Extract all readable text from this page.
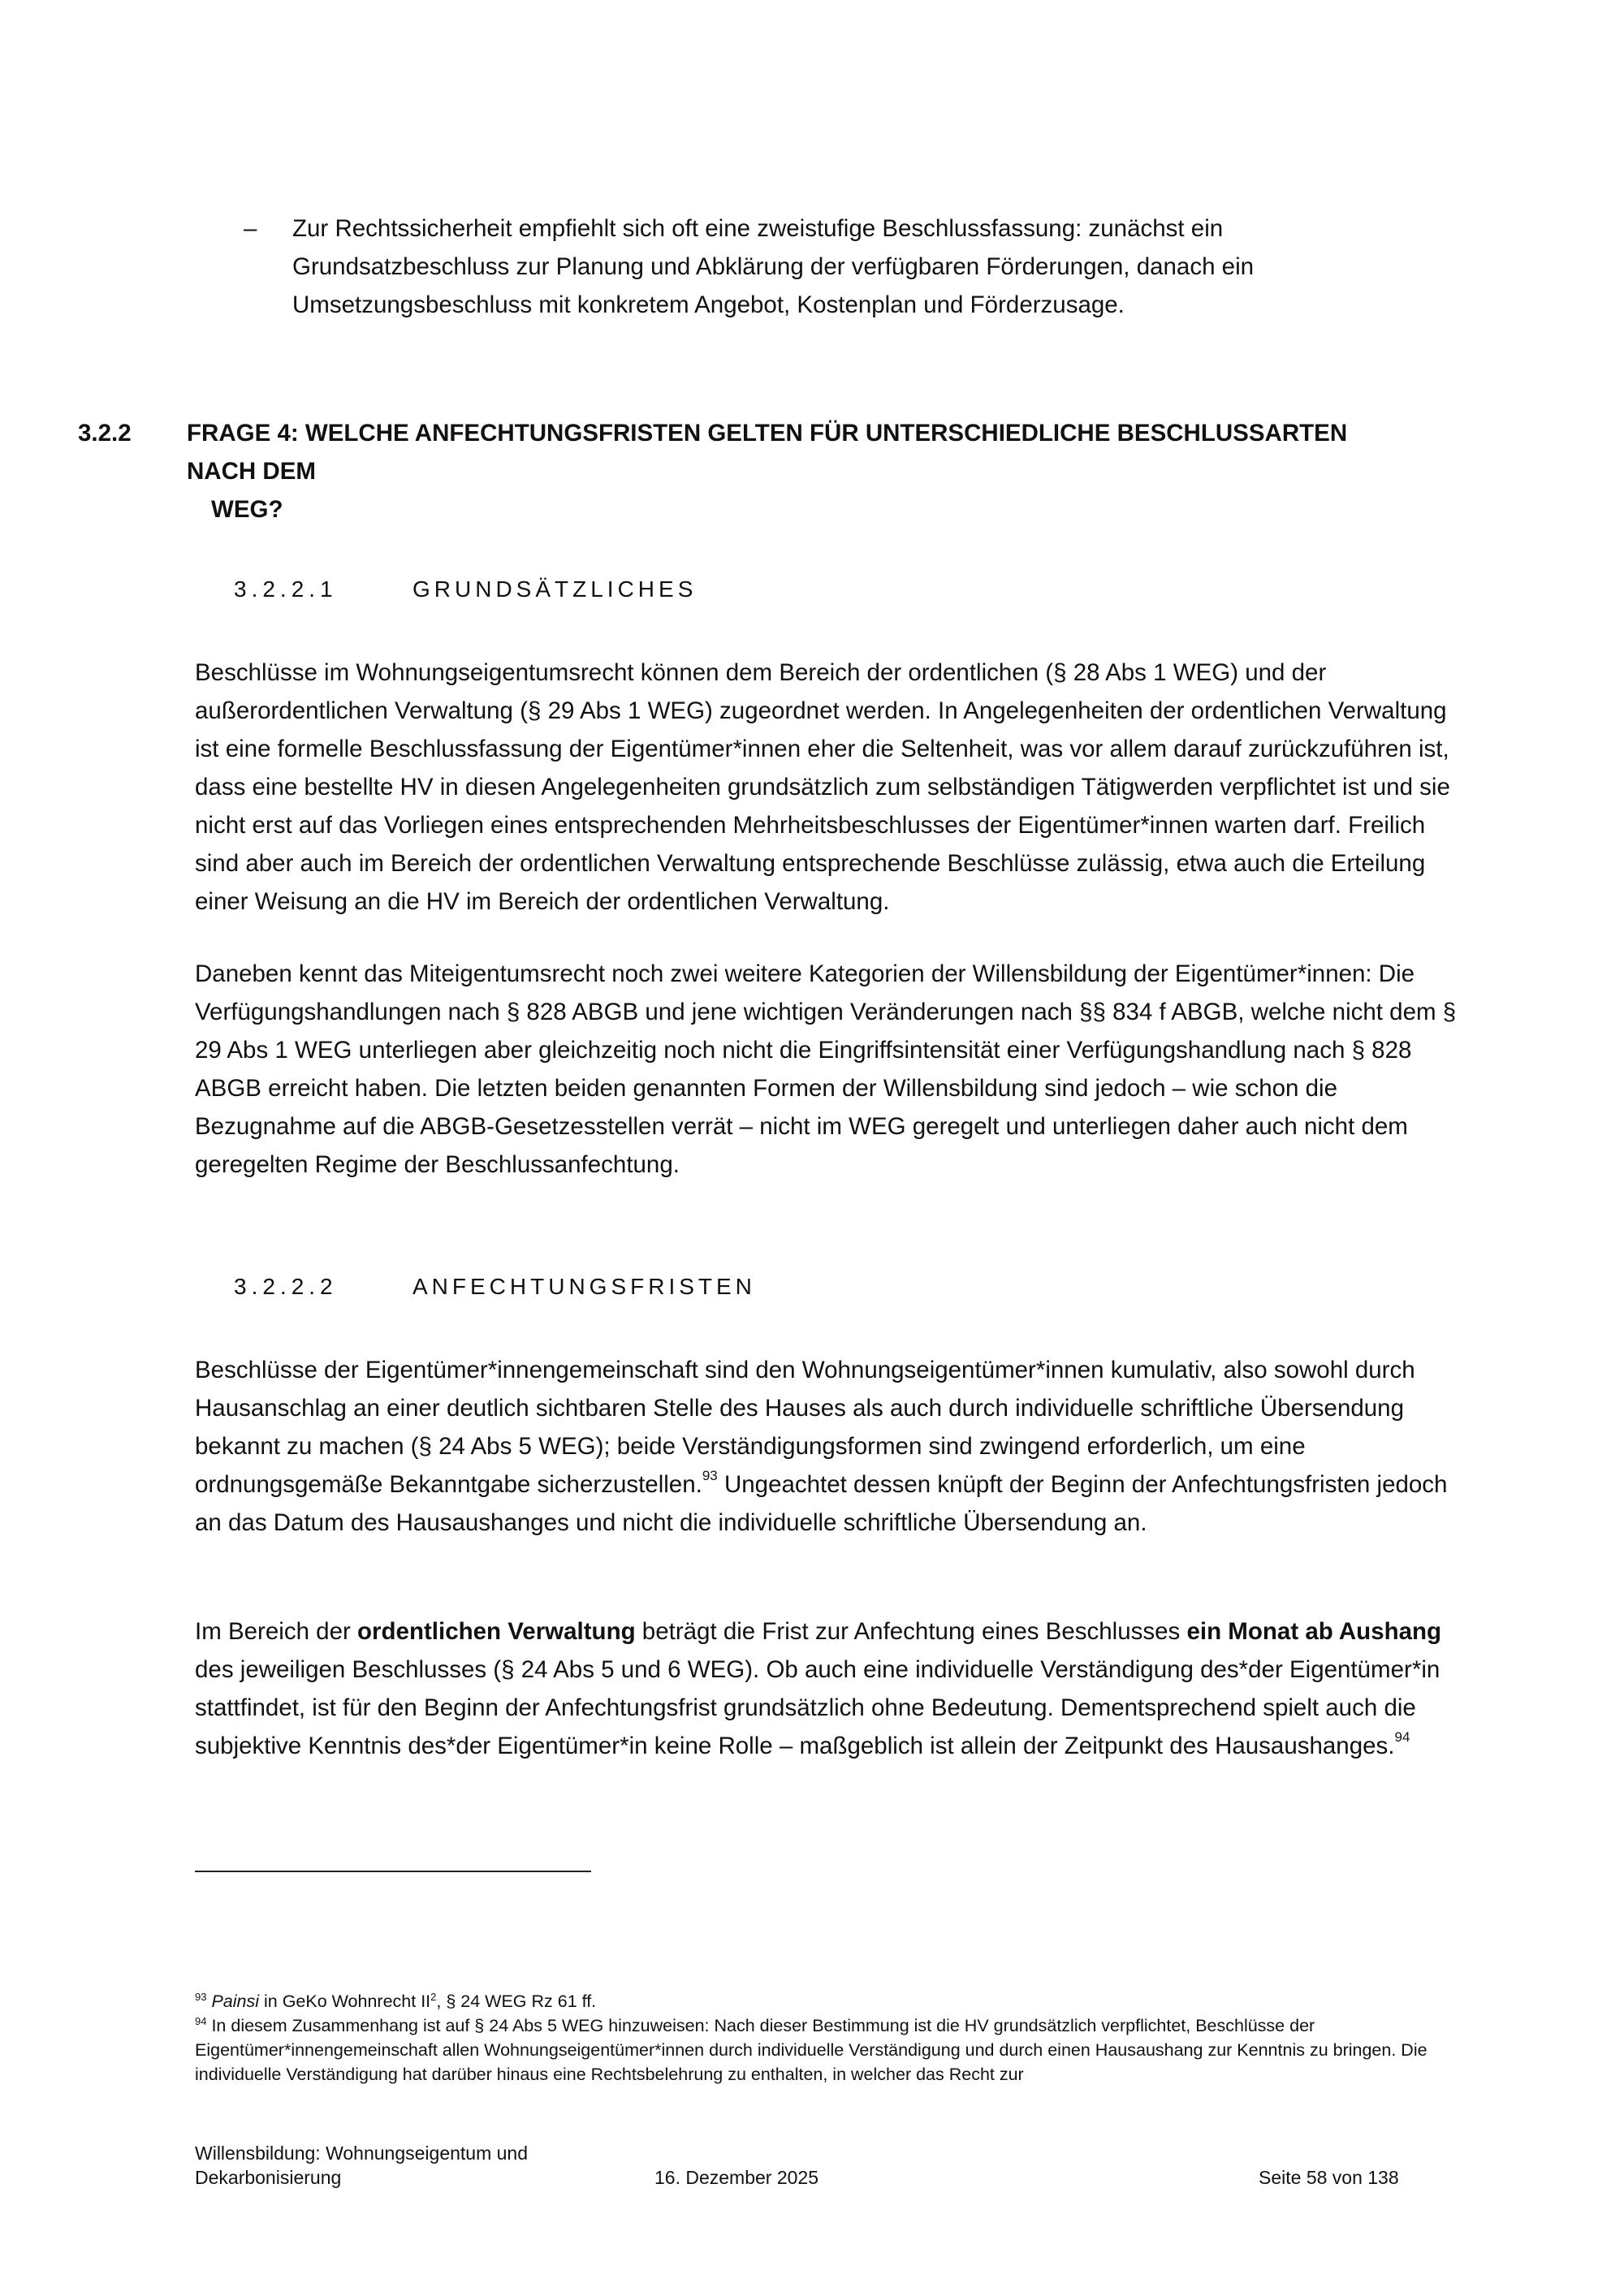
– Zur Rechtssicherheit empfiehlt sich oft eine zweistufige Beschlussfassung: zunächst ein Grundsatzbeschluss zur Planung und Abklärung der verfügbaren Förderungen, danach ein Umsetzungsbeschluss mit konkretem Angebot, Kostenplan und Förderzusage.

3.2.2 FRAGE 4: WELCHE ANFECHTUNGSFRISTEN GELTEN FÜR UNTERSCHIEDLICHE BESCHLUSSARTEN NACH DEM
WEG?
3.2.2.1	GRUNDSÄTZLICHES

Beschlüsse im Wohnungseigentumsrecht können dem Bereich der ordentlichen (§ 28 Abs 1 WEG) und der außerordentlichen Verwaltung (§ 29 Abs 1 WEG) zugeordnet werden. In Angelegenheiten der ordentlichen Verwaltung ist eine formelle Beschlussfassung der Eigentümer*innen eher die Seltenheit, was vor allem darauf zurückzuführen ist, dass eine bestellte HV in diesen Angelegenheiten grundsätzlich zum selbständigen Tätigwerden verpflichtet ist und sie nicht erst auf das Vorliegen eines entsprechenden Mehrheitsbeschlusses der Eigentümer*innen warten darf. Freilich sind aber auch im Bereich der ordentlichen Verwaltung entsprechende Beschlüsse zulässig, etwa auch die Erteilung einer Weisung an die HV im Bereich der ordentlichen Verwaltung.

Daneben kennt das Miteigentumsrecht noch zwei weitere Kategorien der Willensbildung der Eigentümer*innen: Die Verfügungshandlungen nach § 828 ABGB und jene wichtigen Veränderungen nach §§ 834 f ABGB, welche nicht dem § 29 Abs 1 WEG unterliegen aber gleichzeitig noch nicht die Eingriffsintensität einer Verfügungshandlung nach § 828 ABGB erreicht haben. Die letzten beiden genannten Formen der Willensbildung sind jedoch – wie schon die Bezugnahme auf die ABGB-Gesetzesstellen verrät – nicht im WEG geregelt und unterliegen daher auch nicht dem geregelten Regime der Beschlussanfechtung.

3.2.2.2	ANFECHTUNGSFRISTEN

Beschlüsse der Eigentümer*innengemeinschaft sind den Wohnungseigentümer*innen kumulativ, also sowohl durch Hausanschlag an einer deutlich sichtbaren Stelle des Hauses als auch durch individuelle schriftliche Übersendung bekannt zu machen (§ 24 Abs 5 WEG); beide Verständigungsformen sind zwingend erforderlich, um eine ordnungsgemäße Bekanntgabe sicherzustellen.$^{93}$ Ungeachtet dessen knüpft der Beginn der Anfechtungsfristen jedoch an das Datum des Hausaushanges und nicht die individuelle schriftliche Übersendung an.

Im Bereich der ordentlichen Verwaltung beträgt die Frist zur Anfechtung eines Beschlusses ein Monat ab Aushang des jeweiligen Beschlusses (§ 24 Abs 5 und 6 WEG). Ob auch eine individuelle Verständigung des*der Eigentümer*in stattfindet, ist für den Beginn der Anfechtungsfrist grundsätzlich ohne Bedeutung. Dementsprechend spielt auch die subjektive Kenntnis des*der Eigentümer*in keine Rolle – maßgeblich ist allein der Zeitpunkt des Hausaushanges.$^{94}$

$^{93}$ Painsi in GeKo Wohnrecht II$^2$, § 24 WEG Rz 61 ff.

$^{94}$ In diesem Zusammenhang ist auf § 24 Abs 5 WEG hinzuweisen: Nach dieser Bestimmung ist die HV grundsätzlich verpflichtet, Beschlüsse der Eigentümer*innengemeinschaft allen Wohnungseigentümer*innen durch individuelle Verständigung und durch einen Hausaushang zur Kenntnis zu bringen. Die individuelle Verständigung hat darüber hinaus eine Rechtsbelehrung zu enthalten, in welcher das Recht zur

Willensbildung: Wohnungseigentum und
Dekarbonisierung	16. Dezember 2025	Seite 58 von 138
